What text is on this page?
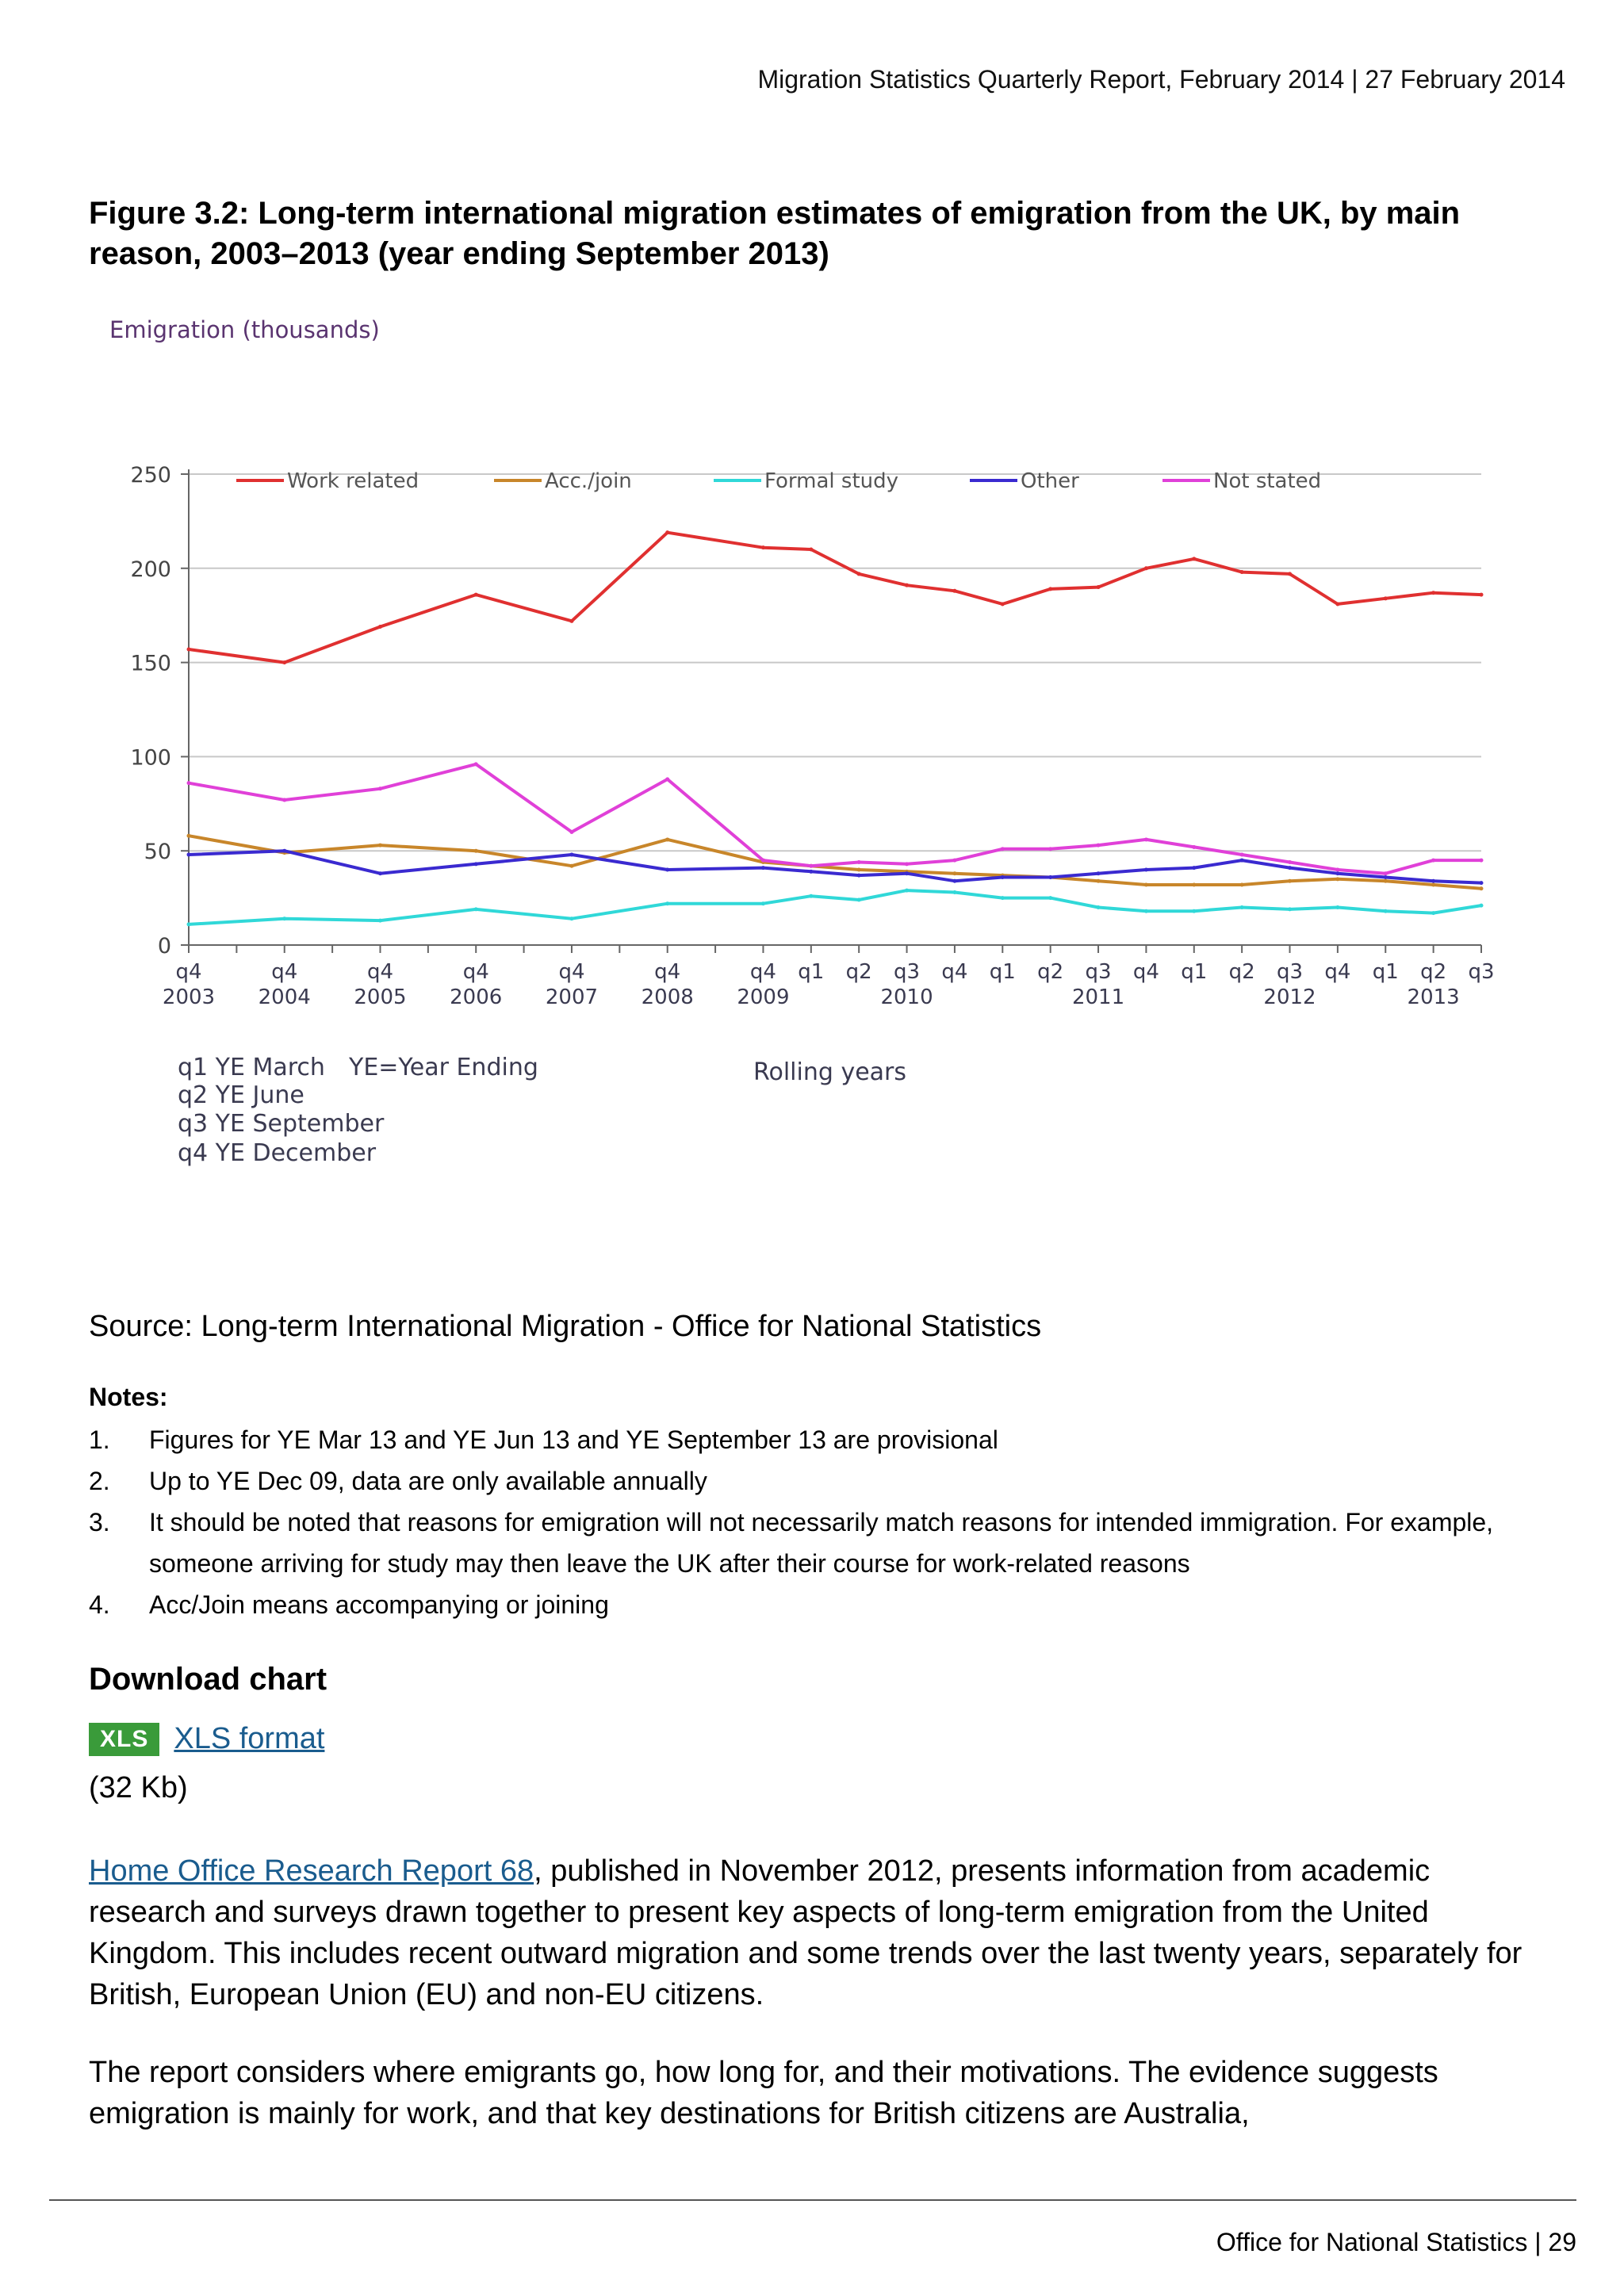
Migration Statistics Quarterly Report, February 2014 | 27 February 2014
Figure 3.2: Long-term international migration estimates of emigration from the UK, by main reason, 2003–2013 (year ending September 2013)
Emigration (thousands)
0
50
100
150
200
250
q4
2003
q4
2004
q4
2005
q4
2006
q4
2007
q4
2008
q4
2009
q1 q2 q3
2010
q4 q1 q2 q3
2011
q4 q1 q2 q3
2012
q4 q1 q2
2013
q3
Work related	Acc./join	Formal study	Other	Not stated
q1 YE March
q2 YE June
q3 YE September
q4 YE December
YE=Year Ending	Rolling years
Source: Long-term International Migration - Office for National Statistics
Notes:
1. Figures for YE Mar 13 and YE Jun 13 and YE September 13 are provisional
2. Up to YE Dec 09, data are only available annually
3. It should be noted that reasons for emigration will not necessarily match reasons for intended immigration. For example, someone arriving for study may then leave the UK after their course for work-related reasons
4. Acc/Join means accompanying or joining
Download chart
XLS XLS format
(32 Kb)

Home Office Research Report 68, published in November 2012, presents information from academic research and surveys drawn together to present key aspects of long-term emigration from the United Kingdom. This includes recent outward migration and some trends over the last twenty years, separately for British, European Union (EU) and non-EU citizens.

The report considers where emigrants go, how long for, and their motivations. The evidence suggests emigration is mainly for work, and that key destinations for British citizens are Australia,

Office for National Statistics | 29
